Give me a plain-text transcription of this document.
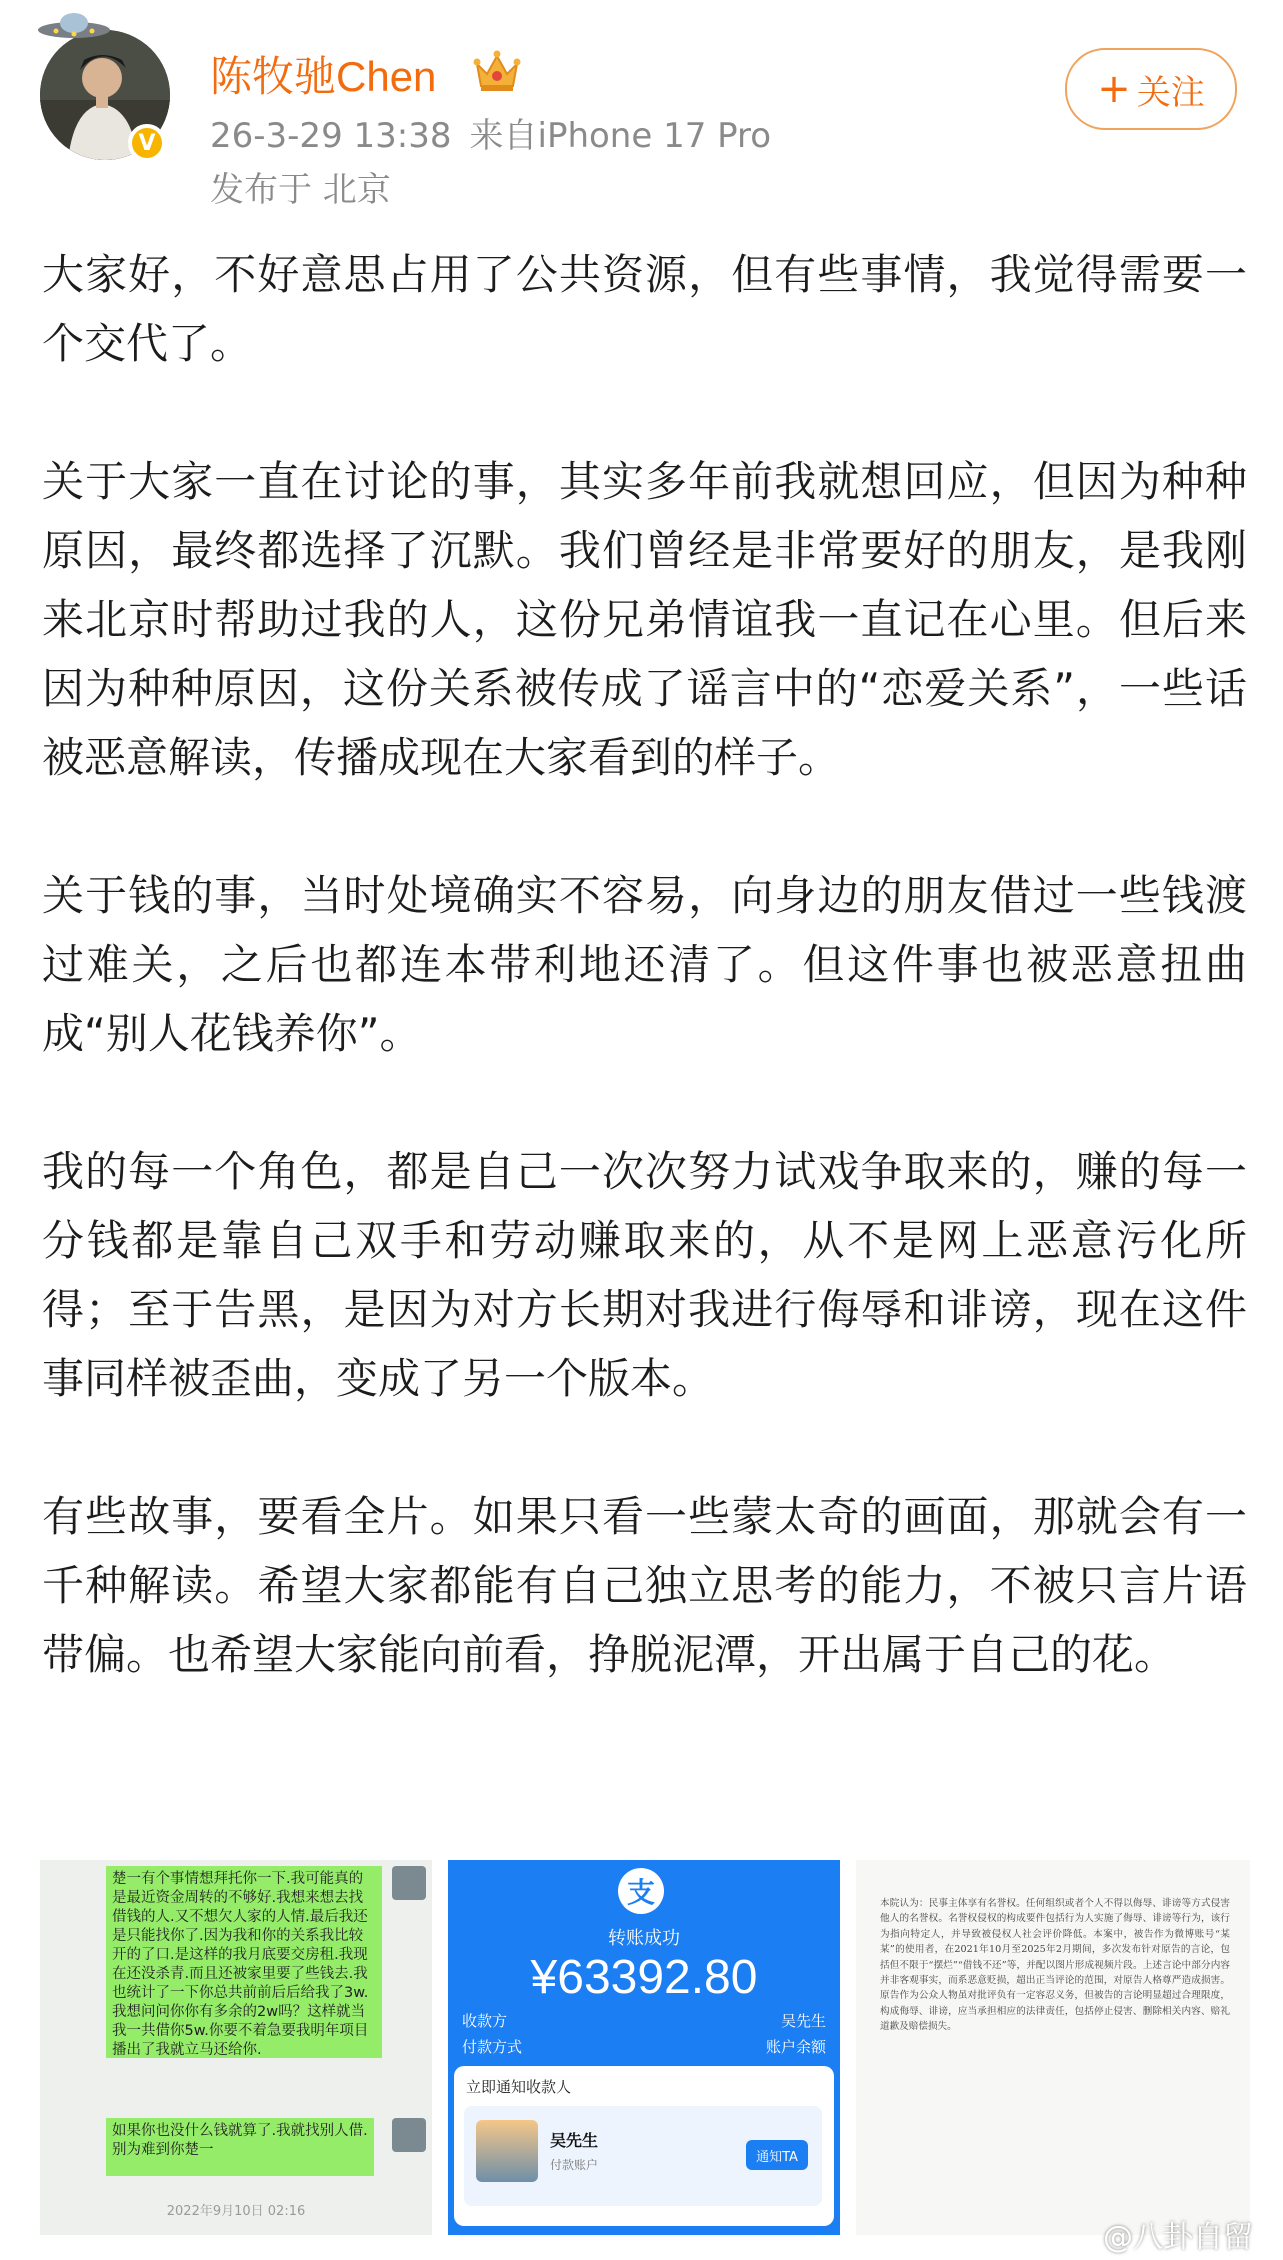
V
陈牧驰Chen
26-3-29 13:38 来自iPhone 17 Pro
发布于 北京
+ 关注

大家好，不好意思占用了公共资源，但有些事情，我觉得需要一个交代了。

关于大家一直在讨论的事，其实多年前我就想回应，但因为种种原因，最终都选择了沉默。我们曾经是非常要好的朋友，是我刚来北京时帮助过我的人，这份兄弟情谊我一直记在心里。但后来因为种种原因，这份关系被传成了谣言中的“恋爱关系”，一些话被恶意解读，传播成现在大家看到的样子。

关于钱的事，当时处境确实不容易，向身边的朋友借过一些钱渡过难关，之后也都连本带利地还清了。但这件事也被恶意扭曲成“别人花钱养你”。

我的每一个角色，都是自己一次次努力试戏争取来的，赚的每一分钱都是靠自己双手和劳动赚取来的，从不是网上恶意污化所得；至于告黑，是因为对方长期对我进行侮辱和诽谤，现在这件事同样被歪曲，变成了另一个版本。

有些故事，要看全片。如果只看一些蒙太奇的画面，那就会有一千种解读。希望大家都能有自己独立思考的能力，不被只言片语带偏。也希望大家能向前看，挣脱泥潭，开出属于自己的花。

楚一有个事情想拜托你一下.我可能真的是最近资金周转的不够好.我想来想去找借钱的人.又不想欠人家的人情.最后我还是只能找你了.因为我和你的关系我比较开的了口.是这样的我月底要交房租.我现在还没杀青.而且还被家里要了些钱去.我也统计了一下你总共前前后后给我了3w.我想问问你你有多余的2w吗？这样就当我一共借你5w.你要不着急要我明年项目播出了我就立马还给你.
如果你也没什么钱就算了.我就找别人借.别为难到你楚一
2022年9月10日 02:16
支
转账成功
¥63392.80
收款方	吴先生
付款方式	账户余额
立即通知收款人
吴先生
付款账户
通知TA
本院认为：民事主体享有名誉权。任何组织或者个人不得以侮辱、诽谤等方式侵害他人的名誉权。名誉权侵权的构成要件包括行为人实施了侮辱、诽谤等行为，该行为指向特定人，并导致被侵权人社会评价降低。本案中，被告作为微博账号“某某”的使用者，在2021年10月至2025年2月期间，多次发布针对原告的言论，包括但不限于“摆烂”“借钱不还”等，并配以图片形成视频片段。上述言论中部分内容并非客观事实，而系恶意贬损，超出正当评论的范围，对原告人格尊严造成损害。原告作为公众人物虽对批评负有一定容忍义务，但被告的言论明显超过合理限度，构成侮辱、诽谤，应当承担相应的法律责任，包括停止侵害、删除相关内容、赔礼道歉及赔偿损失。
@八卦自留
